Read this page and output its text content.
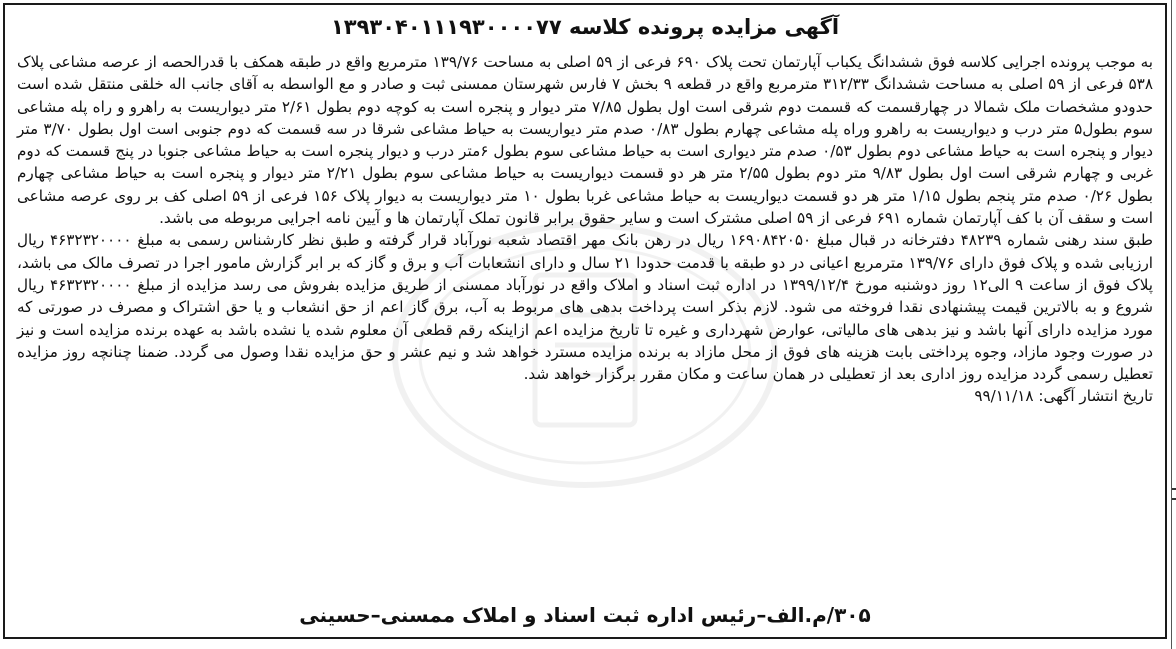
آگهی مزایده پرونده کلاسه ۱۳۹۳۰۴۰۱۱۱۹۳۰۰۰۰۷۷

به موجب پرونده اجرایی کلاسه فوق ششدانگ یکباب آپارتمان تحت پلاک ۶۹۰ فرعی از ۵۹ اصلی به مساحت ۱۳۹/۷۶ مترمربع واقع در طبقه همکف با قدرالحصه از عرصه مشاعی پلاک ۵۳۸ فرعی از ۵۹ اصلی به مساحت ششدانگ ۳۱۲/۳۳ مترمربع واقع در قطعه ۹ بخش ۷ فارس شهرستان ممسنی ثبت و صادر و مع الواسطه به آقای جانب اله خلقی منتقل شده است حدودو مشخصات ملک شمالا در چهارقسمت که قسمت دوم شرقی است اول بطول ۷/۸۵ متر دیوار و پنجره است به کوچه دوم بطول ۲/۶۱ متر دیواریست به راهرو و راه پله مشاعی سوم بطول۵ متر درب و دیواریست به راهرو وراه پله مشاعی چهارم بطول ۰/۸۳ صدم متر دیواریست به حیاط مشاعی شرقا در سه قسمت که دوم جنوبی است اول بطول ۳/۷۰ متر دیوار و پنجره است به حیاط مشاعی دوم بطول ۰/۵۳ صدم متر دیواری است به حیاط مشاعی سوم بطول ۶متر درب و دیوار پنجره است به حیاط مشاعی جنوبا در پنج قسمت که دوم غربی و چهارم شرقی است اول بطول ۹/۸۳ متر دوم بطول ۲/۵۵ متر هر دو قسمت دیواریست به حیاط مشاعی سوم بطول ۲/۲۱ متر دیوار و پنجره است به حیاط مشاعی چهارم بطول ۰/۲۶ صدم متر پنجم بطول ۱/۱۵ متر هر دو قسمت دیواریست به حیاط مشاعی غربا بطول ۱۰ متر دیواریست به دیوار پلاک ۱۵۶ فرعی از ۵۹ اصلی کف بر روی عرصه مشاعی است و سقف آن با کف آپارتمان شماره ۶۹۱ فرعی از ۵۹ اصلی مشترک است و سایر حقوق برابر قانون تملک آپارتمان ها و آیین نامه اجرایی مربوطه می باشد.

طبق سند رهنی شماره ۴۸۲۳۹ دفترخانه در قبال مبلغ ۱۶۹۰۸۴۲۰۵۰ ریال در رهن بانک مهر اقتصاد شعبه نورآباد قرار گرفته و طبق نظر کارشناس رسمی به مبلغ ۴۶۳۲۳۲۰۰۰۰ ریال ارزیابی شده و پلاک فوق دارای ۱۳۹/۷۶ مترمربع اعیانی در دو طبقه با قدمت حدودا ۲۱ سال و دارای انشعابات آب و برق و گاز که بر ابر گزارش مامور اجرا در تصرف مالک می باشد، پلاک فوق از ساعت ۹ الی۱۲ روز دوشنبه مورخ ۱۳۹۹/۱۲/۴ در اداره ثبت اسناد و املاک واقع در نورآباد ممسنی از طریق مزایده بفروش می رسد مزایده از مبلغ ۴۶۳۲۳۲۰۰۰۰ ریال شروع و به بالاترین قیمت پیشنهادی نقدا فروخته می شود. لازم بذکر است پرداخت بدهی های مربوط به آب، برق گاز اعم از حق انشعاب و یا حق اشتراک و مصرف در صورتی که مورد مزایده دارای آنها باشد و نیز بدهی های مالیاتی، عوارض شهرداری و غیره تا تاریخ مزایده اعم ازاینکه رقم قطعی آن معلوم شده یا نشده باشد به عهده برنده مزایده است و نیز در صورت وجود مازاد، وجوه پرداختی بابت هزینه های فوق از محل مازاد به برنده مزایده مسترد خواهد شد و نیم عشر و حق مزایده نقدا وصول می گردد. ضمنا چنانچه روز مزایده تعطیل رسمی گردد مزایده روز اداری بعد از تعطیلی در همان ساعت و مکان مقرر برگزار خواهد شد.

تاریخ انتشار آگهی: ۹۹/۱۱/۱۸

۳۰۵/م.الف–رئیس اداره ثبت اسناد و املاک ممسنی–حسینی
